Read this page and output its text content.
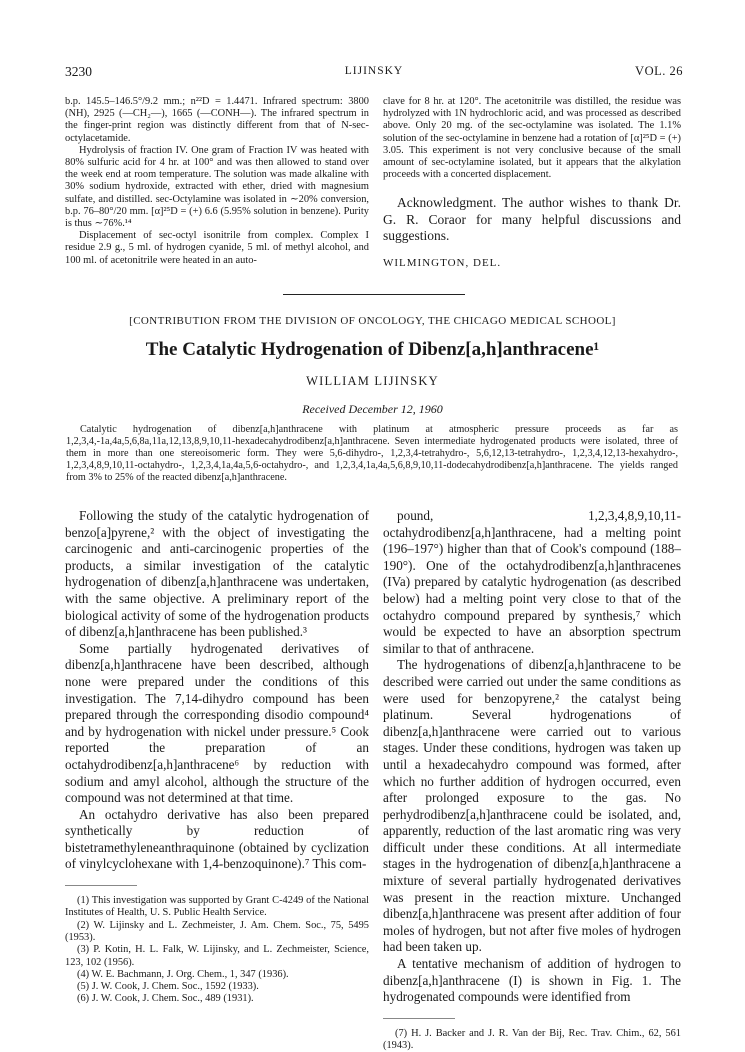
3230	LIJINSKY	VOL. 26

b.p. 145.5–146.5°/9.2 mm.; n²²D = 1.4471. Infrared spectrum: 3800 (NH), 2925 (—CH₂—), 1665 (—CONH—). The infrared spectrum in the finger-print region was distinctly different from that of N-sec-octylacetamide.

Hydrolysis of fraction IV. One gram of Fraction IV was heated with 80% sulfuric acid for 4 hr. at 100° and was then allowed to stand over the week end at room temperature. The solution was made alkaline with 30% sodium hydroxide, extracted with ether, dried with magnesium sulfate, and distilled. sec-Octylamine was isolated in ∼20% conversion, b.p. 76–80°/20 mm. [α]²⁵D = (+) 6.6 (5.95% solution in benzene). Purity is thus ∼76%.¹⁴

Displacement of sec-octyl isonitrile from complex. Complex I residue 2.9 g., 5 ml. of hydrogen cyanide, 5 ml. of methyl alcohol, and 100 ml. of acetonitrile were heated in an auto-

clave for 8 hr. at 120°. The acetonitrile was distilled, the residue was hydrolyzed with 1N hydrochloric acid, and was processed as described above. Only 20 mg. of the sec-octylamine was isolated. The 1.1% solution of the sec-octylamine in benzene had a rotation of [α]²⁵D = (+) 3.05. This experiment is not very conclusive because of the small amount of sec-octylamine isolated, but it appears that the alkylation proceeds with a concerted displacement.

Acknowledgment. The author wishes to thank Dr. G. R. Coraor for many helpful discussions and suggestions.

WILMINGTON, DEL.

[CONTRIBUTION FROM THE DIVISION OF ONCOLOGY, THE CHICAGO MEDICAL SCHOOL]
The Catalytic Hydrogenation of Dibenz[a,h]anthracene¹
WILLIAM LIJINSKY
Received December 12, 1960

Catalytic hydrogenation of dibenz[a,h]anthracene with platinum at atmospheric pressure proceeds as far as 1,2,3,4,-1a,4a,5,6,8a,11a,12,13,8,9,10,11-hexadecahydrodibenz[a,h]anthracene. Seven intermediate hydrogenated products were isolated, three of them in more than one stereoisomeric form. They were 5,6-dihydro-, 1,2,3,4-tetrahydro-, 5,6,12,13-tetrahydro-, 1,2,3,4,12,13-hexahydro-, 1,2,3,4,8,9,10,11-octahydro-, 1,2,3,4,1a,4a,5,6-octahydro-, and 1,2,3,4,1a,4a,5,6,8,9,10,11-dodecahydrodibenz[a,h]anthracene. The yields ranged from 3% to 25% of the reacted dibenz[a,h]anthracene.

Following the study of the catalytic hydrogenation of benzo[a]pyrene,² with the object of investigating the carcinogenic and anti-carcinogenic properties of the products, a similar investigation of the catalytic hydrogenation of dibenz[a,h]anthracene was undertaken, with the same objective. A preliminary report of the biological activity of some of the hydrogenation products of dibenz[a,h]anthracene has been published.³

Some partially hydrogenated derivatives of dibenz[a,h]anthracene have been described, although none were prepared under the conditions of this investigation. The 7,14-dihydro compound has been prepared through the corresponding disodio compound⁴ and by hydrogenation with nickel under pressure.⁵ Cook reported the preparation of an octahydrodibenz[a,h]anthracene⁶ by reduction with sodium and amyl alcohol, although the structure of the compound was not determined at that time.

An octahydro derivative has also been prepared synthetically by reduction of bistetramethyleneanthraquinone (obtained by cyclization of vinylcyclohexane with 1,4-benzoquinone).⁷ This com-

(1) This investigation was supported by Grant C-4249 of the National Institutes of Health, U. S. Public Health Service.

(2) W. Lijinsky and L. Zechmeister, J. Am. Chem. Soc., 75, 5495 (1953).

(3) P. Kotin, H. L. Falk, W. Lijinsky, and L. Zechmeister, Science, 123, 102 (1956).

(4) W. E. Bachmann, J. Org. Chem., 1, 347 (1936).

(5) J. W. Cook, J. Chem. Soc., 1592 (1933).

(6) J. W. Cook, J. Chem. Soc., 489 (1931).

pound, 1,2,3,4,8,9,10,11-octahydrodibenz[a,h]anthracene, had a melting point (196–197°) higher than that of Cook's compound (188–190°). One of the octahydrodibenz[a,h]anthracenes (IVa) prepared by catalytic hydrogenation (as described below) had a melting point very close to that of the octahydro compound prepared by synthesis,⁷ which would be expected to have an absorption spectrum similar to that of anthracene.

The hydrogenations of dibenz[a,h]anthracene to be described were carried out under the same conditions as were used for benzopyrene,² the catalyst being platinum. Several hydrogenations of dibenz[a,h]anthracene were carried out to various stages. Under these conditions, hydrogen was taken up until a hexadecahydro compound was formed, after which no further addition of hydrogen occurred, even after prolonged exposure to the gas. No perhydrodibenz[a,h]anthracene could be isolated, and, apparently, reduction of the last aromatic ring was very difficult under these conditions. At all intermediate stages in the hydrogenation of dibenz[a,h]anthracene a mixture of several partially hydrogenated derivatives was present in the reaction mixture. Unchanged dibenz[a,h]anthracene was present after addition of four moles of hydrogen, but not after five moles of hydrogen had been taken up.

A tentative mechanism of addition of hydrogen to dibenz[a,h]anthracene (I) is shown in Fig. 1. The hydrogenated compounds were identified from

(7) H. J. Backer and J. R. Van der Bij, Rec. Trav. Chim., 62, 561 (1943).
